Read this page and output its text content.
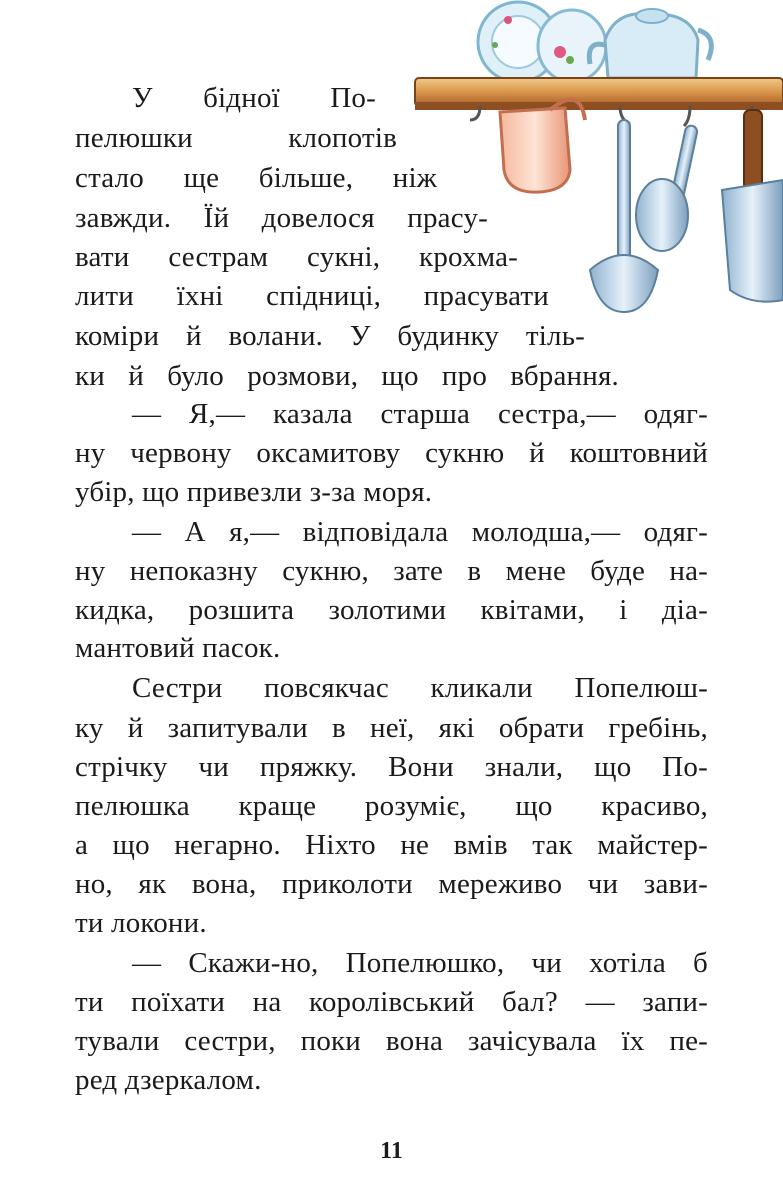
У бідної По-
пелюшки клопотів
стало ще більше, ніж
завжди. Їй довелося прасу-
вати сестрам сукні, крохма-
лити їхні спідниці, прасувати
коміри й волани. У будинку тіль-
ки й було розмови, що про вбрання.
— Я,— казала старша сестра,— одяг-
ну червону оксамитову сукню й коштовний
убір, що привезли з-за моря.
— А я,— відповідала молодша,— одяг-
ну непоказну сукню, зате в мене буде на-
кидка, розшита золотими квітами, і діа-
мантовий пасок.
Сестри повсякчас кликали Попелюш-
ку й запитували в неї, які обрати гребінь,
стрічку чи пряжку. Вони знали, що По-
пелюшка краще розуміє, що красиво,
а що негарно. Ніхто не вмів так майстер-
но, як вона, приколоти мереживо чи зави-
ти локони.
— Скажи-но, Попелюшко, чи хотіла б
ти поїхати на королівський бал? — запи-
тували сестри, поки вона зачісувала їх пе-
ред дзеркалом.
11
